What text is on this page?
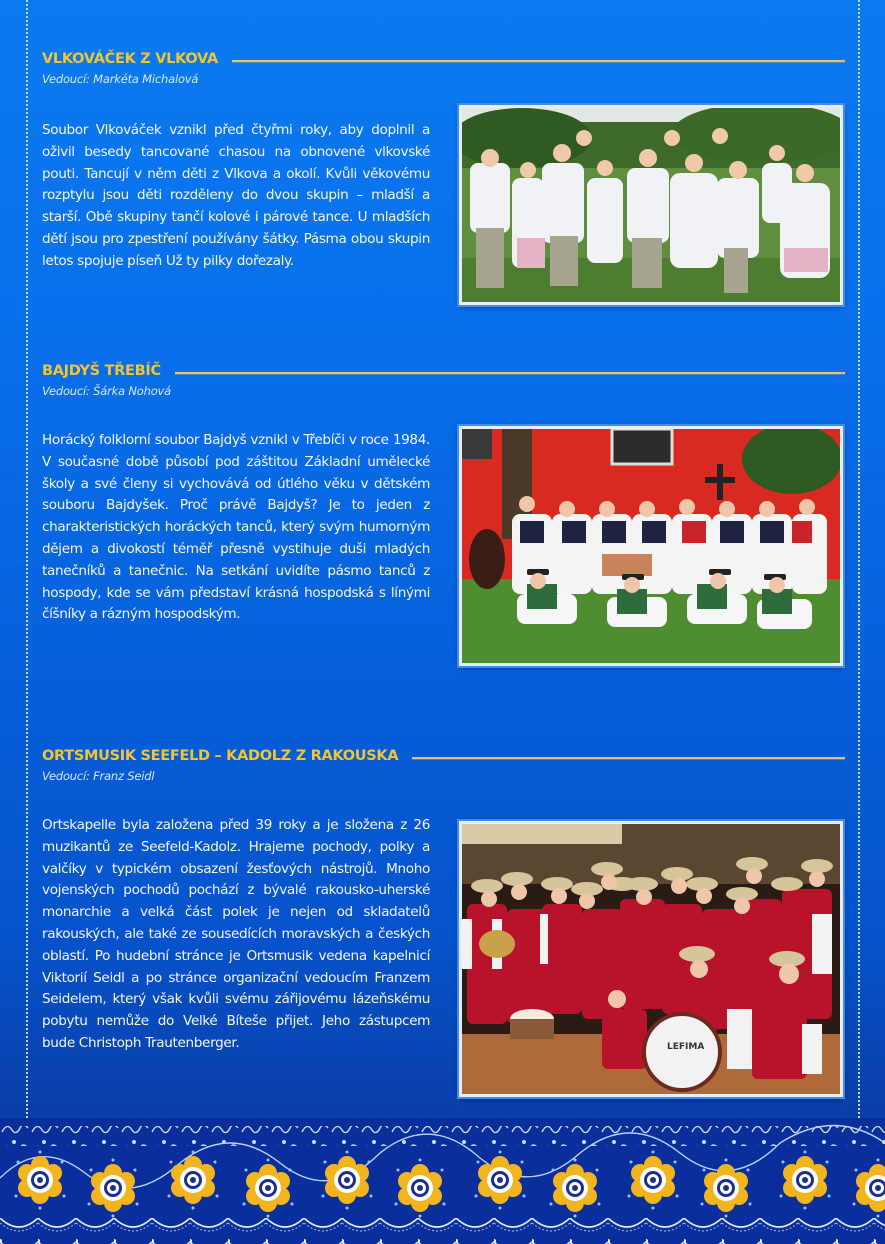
VLKOVÁČEK Z VLKOVA
Vedoucí: Markéta Michalová
Soubor Vlkováček vznikl před čtyřmi roky, aby doplnil a oživil besedy tancované chasou na obnovené vlkovské pouti. Tancují v něm děti z Vlkova a okolí. Kvůli věkovému rozptylu jsou děti rozděleny do dvou skupin – mladší a starší. Obě skupiny tančí kolové i párové tance. U mladších dětí jsou pro zpestření používány šátky. Pásma obou skupin letos spojuje píseň Už ty pilky dořezaly.
BAJDYŠ TŘEBÍČ
Vedoucí: Šárka Nohová
Horácký folklorní soubor Bajdyš vznikl v Třebíči v roce 1984. V současné době působí pod záštitou Základní umělecké školy a své členy si vychovává od útlého věku v dětském souboru Bajdyšek. Proč právě Bajdyš? Je to jeden z charakteristických horáckých tanců, který svým humorným dějem a divokostí téměř přesně vystihuje duši mladých tanečníků a tanečnic. Na setkání uvidíte pásmo tanců z hospody, kde se vám představí krásná hospodská s línými číšníky a rázným hospodským.
ORTSMUSIK SEEFELD – KADOLZ Z RAKOUSKA
Vedoucí: Franz Seidl
Ortskapelle byla založena před 39 roky a je složena z 26 muzikantů ze Seefeld-Kadolz. Hrajeme pochody, polky a valčíky v typickém obsazení žesťových nástrojů. Mnoho vojenských pochodů pochází z bývalé rakousko-uherské monarchie a velká část polek je nejen od skladatelů rakouských, ale také ze sousedících moravských a českých oblastí. Po hudební stránce je Ortsmusik vedena kapelnicí Viktorií Seidl a po stránce organizační vedoucím Franzem Seidelem, který však kvůli svému zářijovému lázeňskému pobytu nemůže do Velké Bíteše přijet. Jeho zástupcem bude Christoph Trautenberger.	LEFIMA
